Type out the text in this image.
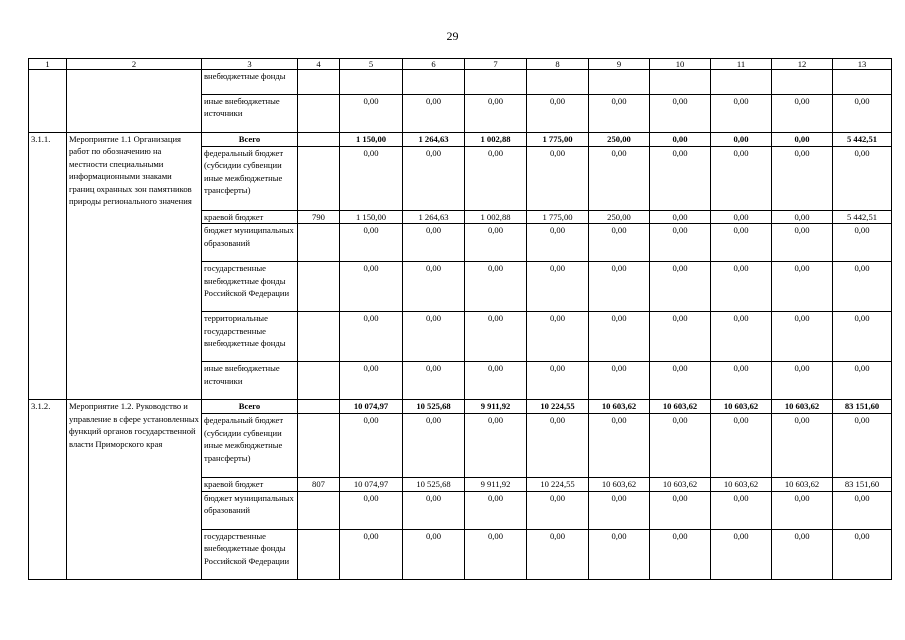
29
1	2	3	4	5	6	7	8	9	10	11	12	13
		внебюджетные фонды										
		иные внебюджетные источники		0,00	0,00	0,00	0,00	0,00	0,00	0,00	0,00	0,00
3.1.1.	Мероприятие 1.1 Организация работ по обозначению на местности специальными информационными знаками границ охранных зон памятников природы регионального значения	Всего		1 150,00	1 264,63	1 002,88	1 775,00	250,00	0,00	0,00	0,00	5 442,51
		федеральный бюджет (субсидии субвенции иные межбюджетные трансферты)		0,00	0,00	0,00	0,00	0,00	0,00	0,00	0,00	0,00
		краевой бюджет	790	1 150,00	1 264,63	1 002,88	1 775,00	250,00	0,00	0,00	0,00	5 442,51
		бюджет муниципальных образований		0,00	0,00	0,00	0,00	0,00	0,00	0,00	0,00	0,00
		государственные внебюджетные фонды Российской Федерации		0,00	0,00	0,00	0,00	0,00	0,00	0,00	0,00	0,00
		территориальные государственные внебюджетные фонды		0,00	0,00	0,00	0,00	0,00	0,00	0,00	0,00	0,00
		иные внебюджетные источники		0,00	0,00	0,00	0,00	0,00	0,00	0,00	0,00	0,00
3.1.2.	Мероприятие 1.2. Руководство и управление в сфере установленных функций органов государственной власти Приморского края	Всего		10 074,97	10 525,68	9 911,92	10 224,55	10 603,62	10 603,62	10 603,62	10 603,62	83 151,60
		федеральный бюджет (субсидии субвенции иные межбюджетные трансферты)		0,00	0,00	0,00	0,00	0,00	0,00	0,00	0,00	0,00
		краевой бюджет	807	10 074,97	10 525,68	9 911,92	10 224,55	10 603,62	10 603,62	10 603,62	10 603,62	83 151,60
		бюджет муниципальных образований		0,00	0,00	0,00	0,00	0,00	0,00	0,00	0,00	0,00
		государственные внебюджетные фонды Российской Федерации		0,00	0,00	0,00	0,00	0,00	0,00	0,00	0,00	0,00
